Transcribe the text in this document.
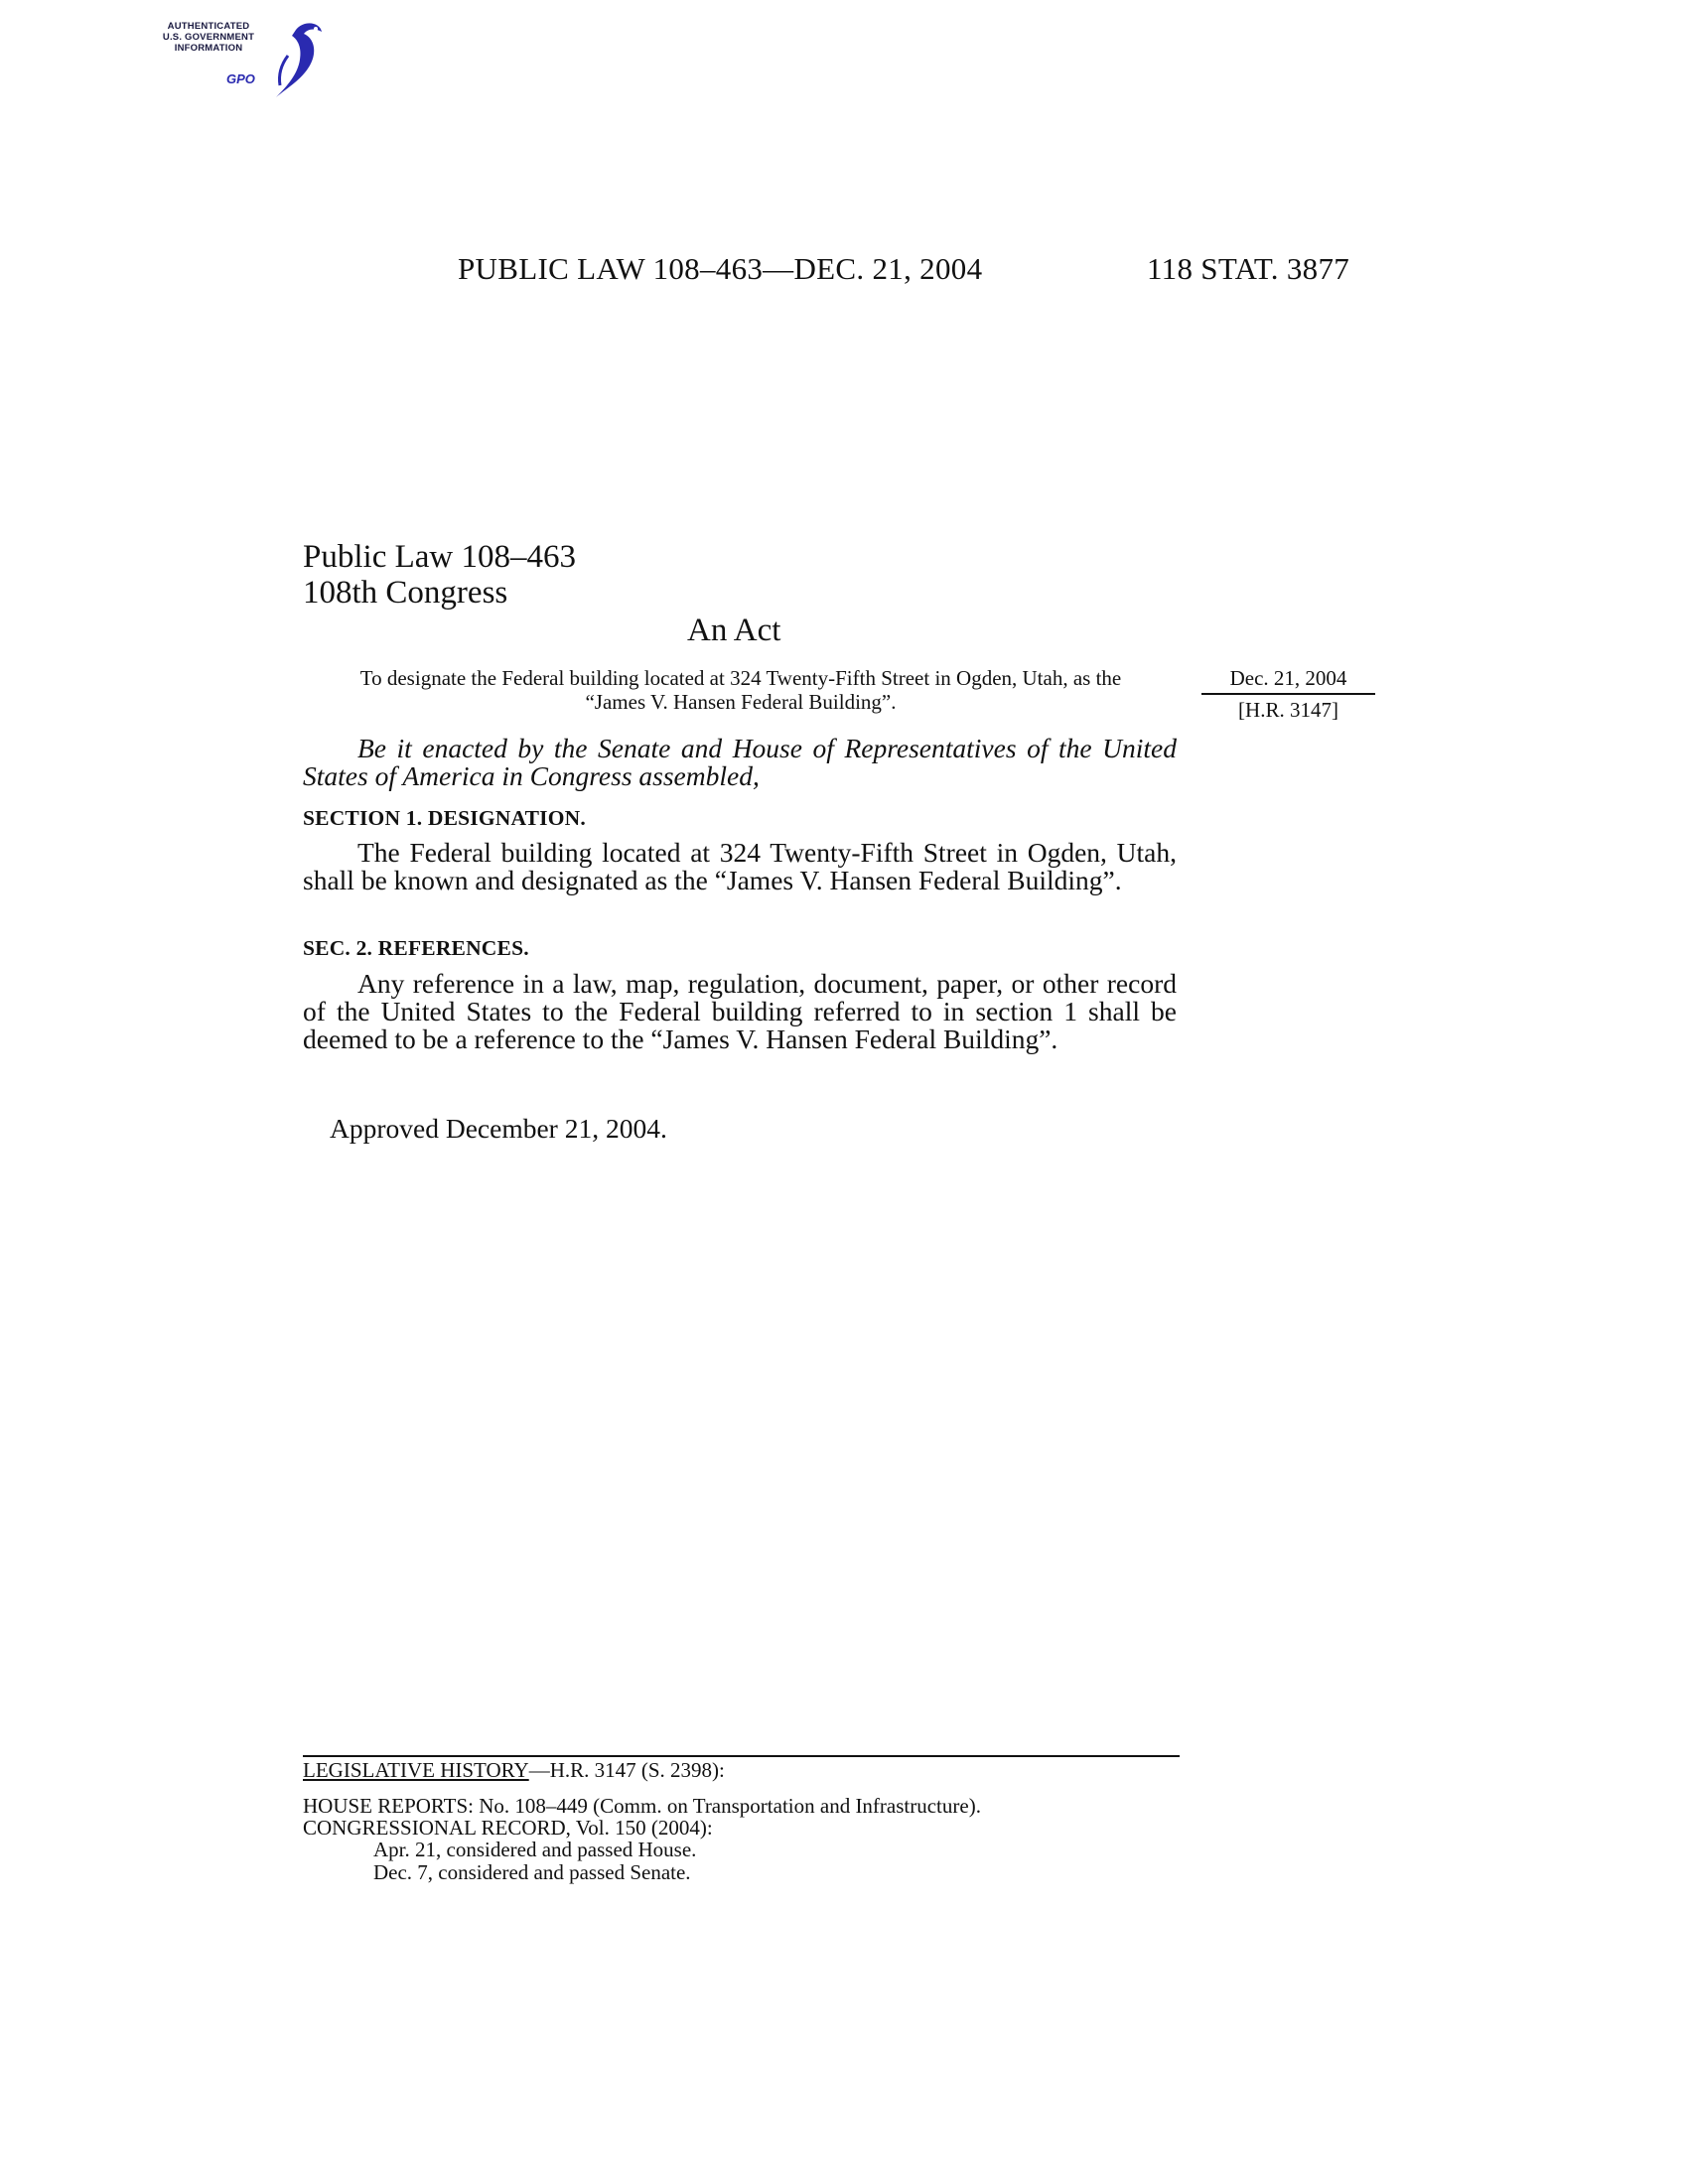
AUTHENTICATED
U.S. GOVERNMENT
INFORMATION
GPO
PUBLIC LAW 108–463—DEC. 21, 2004	118 STAT. 3877
Public Law 108–463
108th Congress
An Act
To designate the Federal building located at 324 Twenty-Fifth Street in Ogden, Utah, as the “James V. Hansen Federal Building”.
Dec. 21, 2004
[H.R. 3147]
Be it enacted by the Senate and House of Representatives of the United States of America in Congress assembled,
SECTION 1. DESIGNATION.
The Federal building located at 324 Twenty-Fifth Street in Ogden, Utah, shall be known and designated as the “James V. Hansen Federal Building”.
SEC. 2. REFERENCES.
Any reference in a law, map, regulation, document, paper, or other record of the United States to the Federal building referred to in section 1 shall be deemed to be a reference to the “James V. Hansen Federal Building”.
Approved December 21, 2004.
LEGISLATIVE HISTORY—H.R. 3147 (S. 2398):
HOUSE REPORTS: No. 108–449 (Comm. on Transportation and Infrastructure).
CONGRESSIONAL RECORD, Vol. 150 (2004):
Apr. 21, considered and passed House.
Dec. 7, considered and passed Senate.
